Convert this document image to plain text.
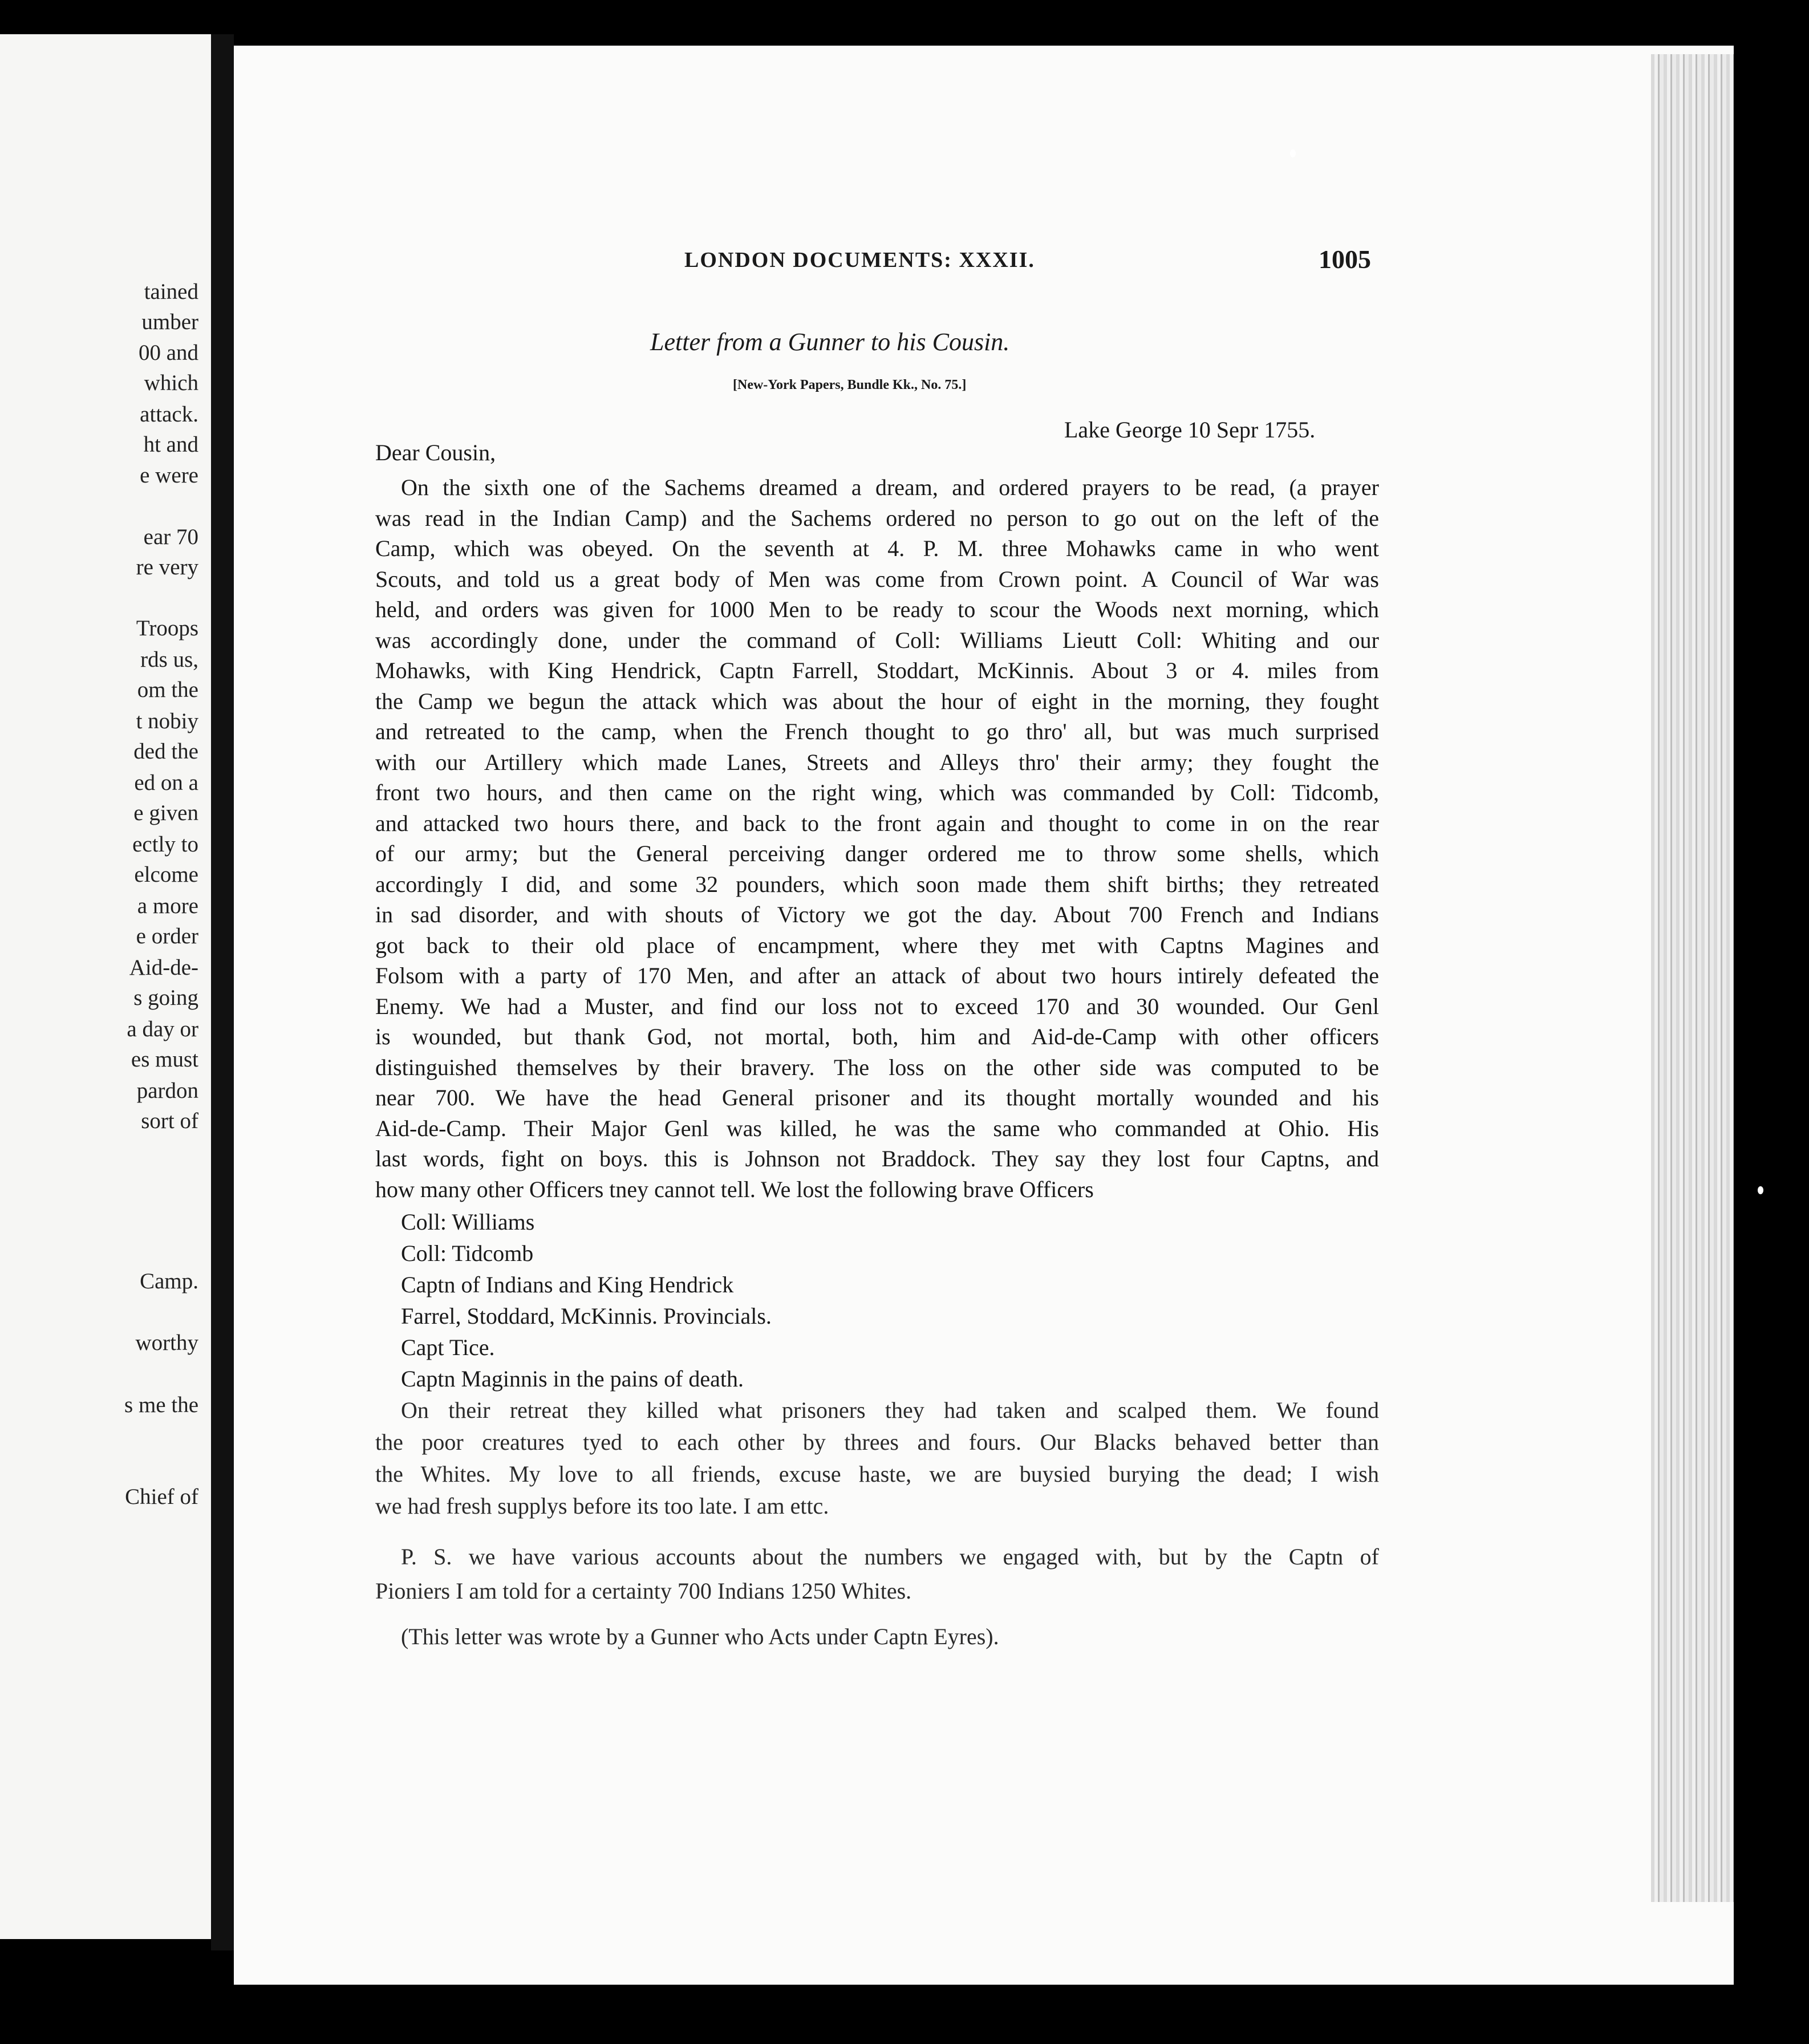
tained
umber
00 and
which
attack.
ht and
e were
ear 70
re very
Troops
rds us,
om the
t nobiy
ded the
ed on a
e given
ectly to
elcome
a more
e order
Aid-de-
s going
a day or
es must
pardon
sort of
Camp.
worthy
s me the
Chief of
LONDON DOCUMENTS: XXXII.	1005
Letter from a Gunner to his Cousin.
[New-York Papers, Bundle Kk., No. 75.]
Lake George 10 Sepr 1755.
Dear Cousin,
On the sixth one of the Sachems dreamed a dream, and ordered prayers to be read, (a prayer
was read in the Indian Camp) and the Sachems ordered no person to go out on the left of the
Camp, which was obeyed. On the seventh at 4. P. M. three Mohawks came in who went
Scouts, and told us a great body of Men was come from Crown point. A Council of War was
held, and orders was given for 1000 Men to be ready to scour the Woods next morning, which
was accordingly done, under the command of Coll: Williams Lieutt Coll: Whiting and our
Mohawks, with King Hendrick, Captn Farrell, Stoddart, McKinnis. About 3 or 4. miles from
the Camp we begun the attack which was about the hour of eight in the morning, they fought
and retreated to the camp, when the French thought to go thro' all, but was much surprised
with our Artillery which made Lanes, Streets and Alleys thro' their army; they fought the
front two hours, and then came on the right wing, which was commanded by Coll: Tidcomb,
and attacked two hours there, and back to the front again and thought to come in on the rear
of our army; but the General perceiving danger ordered me to throw some shells, which
accordingly I did, and some 32 pounders, which soon made them shift births; they retreated
in sad disorder, and with shouts of Victory we got the day. About 700 French and Indians
got back to their old place of encampment, where they met with Captns Magines and
Folsom with a party of 170 Men, and after an attack of about two hours intirely defeated the
Enemy. We had a Muster, and find our loss not to exceed 170 and 30 wounded. Our Genl
is wounded, but thank God, not mortal, both, him and Aid-de-Camp with other officers
distinguished themselves by their bravery. The loss on the other side was computed to be
near 700. We have the head General prisoner and its thought mortally wounded and his
Aid-de-Camp. Their Major Genl was killed, he was the same who commanded at Ohio. His
last words, fight on boys. this is Johnson not Braddock. They say they lost four Captns, and
how many other Officers tney cannot tell. We lost the following brave Officers
Coll: Williams
Coll: Tidcomb
Captn of Indians and King Hendrick
Farrel, Stoddard, McKinnis. Provincials.
Capt Tice.
Captn Maginnis in the pains of death.
On their retreat they killed what prisoners they had taken and scalped them. We found
the poor creatures tyed to each other by threes and fours. Our Blacks behaved better than
the Whites. My love to all friends, excuse haste, we are buysied burying the dead; I wish
we had fresh supplys before its too late. I am ettc.
P. S. we have various accounts about the numbers we engaged with, but by the Captn of
Pioniers I am told for a certainty 700 Indians 1250 Whites.
(This letter was wrote by a Gunner who Acts under Captn Eyres).
